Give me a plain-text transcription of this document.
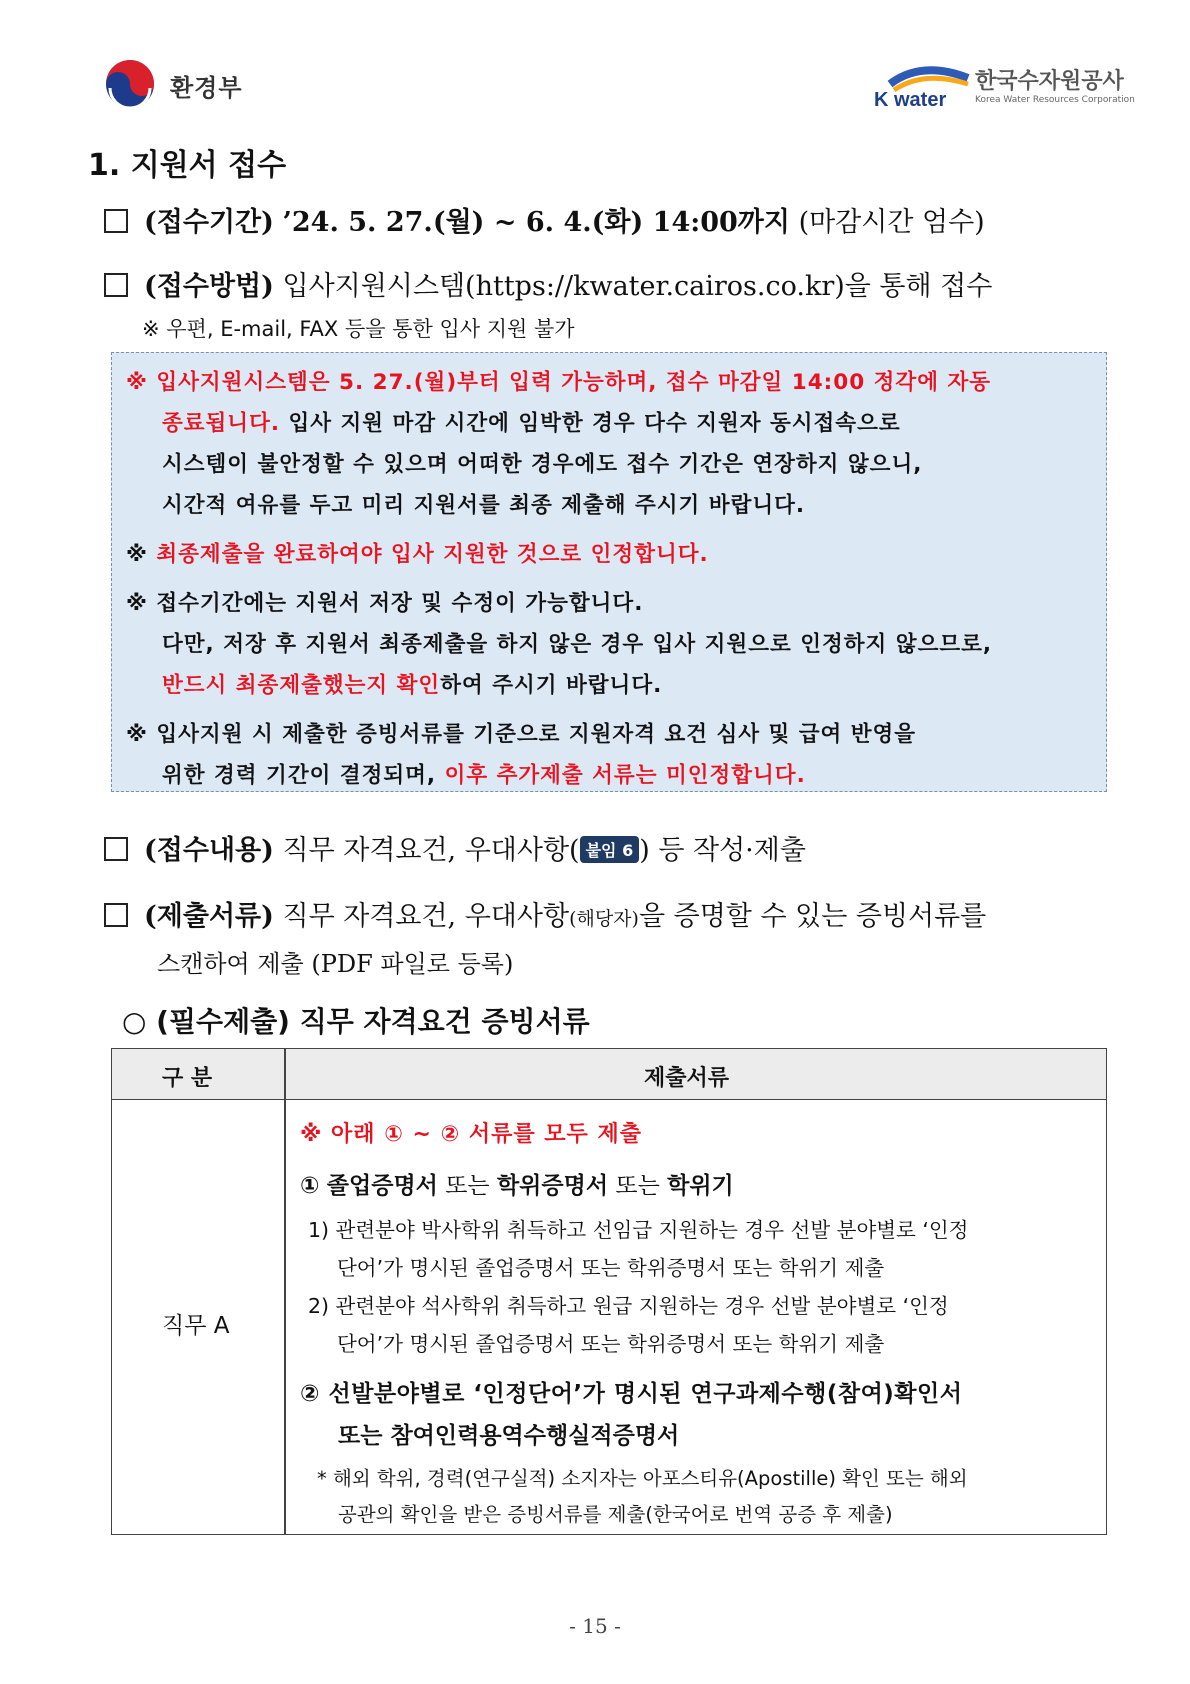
환경부	K water
한국수자원공사
Korea Water Resources Corporation
1. 지원서 접수
(접수기간) ’24. 5. 27.(월) ~ 6. 4.(화) 14:00까지 (마감시간 엄수)
(접수방법) 입사지원시스템(https://kwater.cairos.co.kr)을 통해 접수
※ 우편, E-mail, FAX 등을 통한 입사 지원 불가

※ 입사지원시스템은 5. 27.(월)부터 입력 가능하며, 접수 마감일 14:00 정각에 자동

종료됩니다. 입사 지원 마감 시간에 임박한 경우 다수 지원자 동시접속으로

시스템이 불안정할 수 있으며 어떠한 경우에도 접수 기간은 연장하지 않으니,

시간적 여유를 두고 미리 지원서를 최종 제출해 주시기 바랍니다.

※ 최종제출을 완료하여야 입사 지원한 것으로 인정합니다.

※ 접수기간에는 지원서 저장 및 수정이 가능합니다.

다만, 저장 후 지원서 최종제출을 하지 않은 경우 입사 지원으로 인정하지 않으므로,

반드시 최종제출했는지 확인하여 주시기 바랍니다.

※ 입사지원 시 제출한 증빙서류를 기준으로 지원자격 요건 심사 및 급여 반영을

위한 경력 기간이 결정되며, 이후 추가제출 서류는 미인정합니다.

(접수내용) 직무 자격요건, 우대사항( 붙임 6 ) 등 작성·제출
(제출서류) 직무 자격요건, 우대사항(해당자)을 증명할 수 있는 증빙서류를
스캔하여 제출 (PDF 파일로 등록)
○ (필수제출) 직무 자격요건 증빙서류
구 분	제출서류
직무 A
※ 아래 ① ~ ② 서류를 모두 제출
① 졸업증명서 또는 학위증명서 또는 학위기
1) 관련분야 박사학위 취득하고 선임급 지원하는 경우 선발 분야별로 ‘인정
단어’가 명시된 졸업증명서 또는 학위증명서 또는 학위기 제출
2) 관련분야 석사학위 취득하고 원급 지원하는 경우 선발 분야별로 ‘인정
단어’가 명시된 졸업증명서 또는 학위증명서 또는 학위기 제출
② 선발분야별로 ‘인정단어’가 명시된 연구과제수행(참여)확인서
또는 참여인력용역수행실적증명서
* 해외 학위, 경력(연구실적) 소지자는 아포스티유(Apostille) 확인 또는 해외
공관의 확인을 받은 증빙서류를 제출(한국어로 번역 공증 후 제출)
- 15 -
